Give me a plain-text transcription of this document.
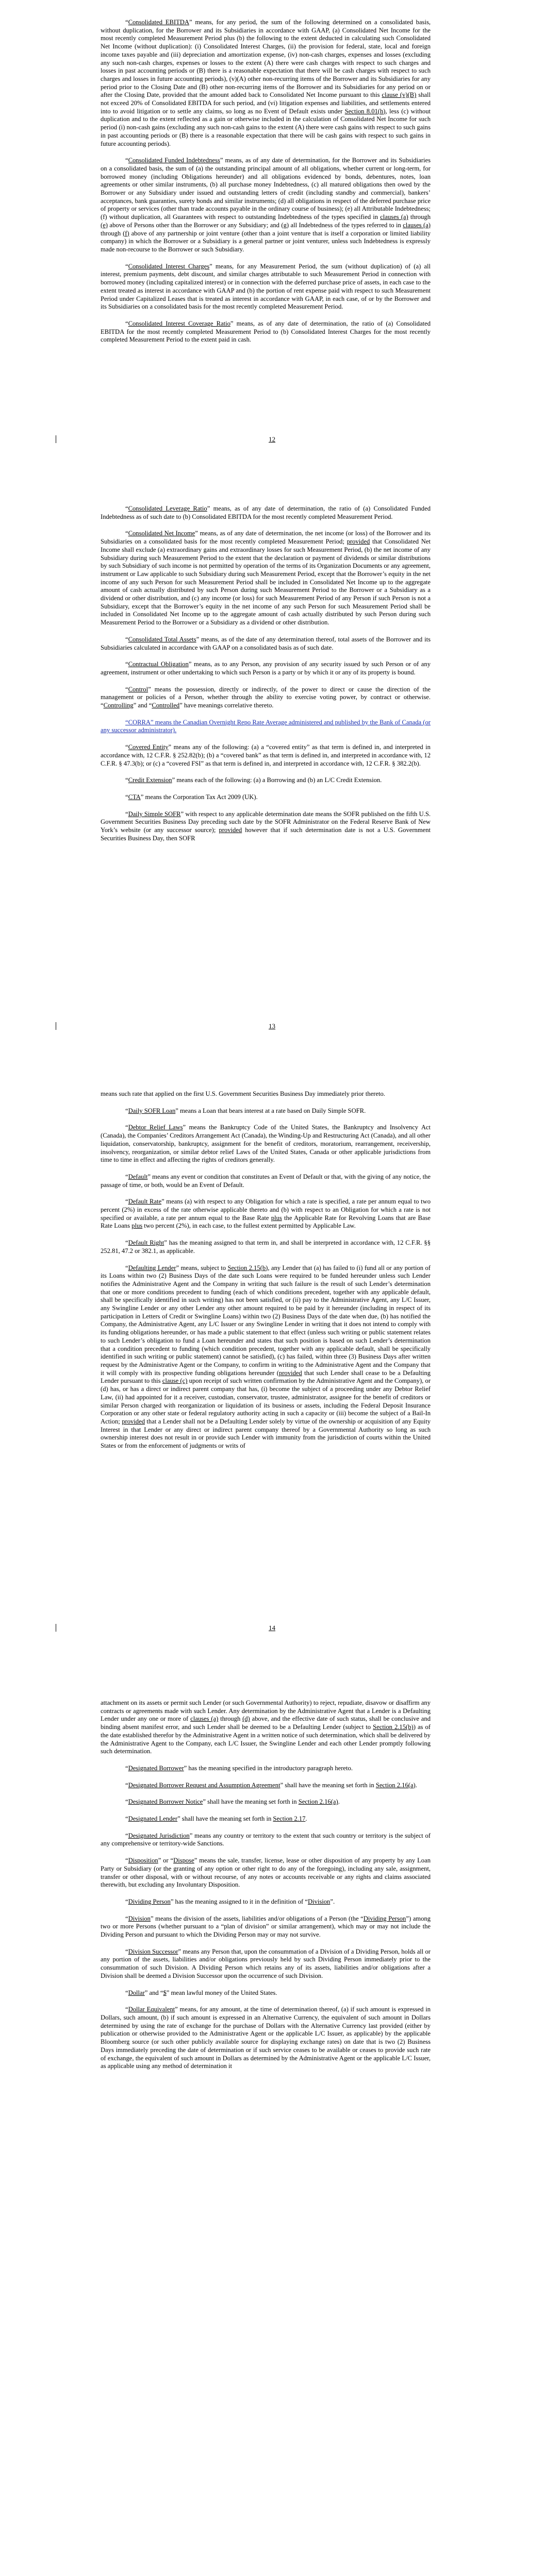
“Consolidated EBITDA” means, for any period, the sum of the following determined on a consolidated basis, without duplication, for the Borrower and its Subsidiaries in accordance with GAAP, (a) Consolidated Net Income for the most recently completed Measurement Period plus (b) the following to the extent deducted in calculating such Consolidated Net Income (without duplication): (i) Consolidated Interest Charges, (ii) the provision for federal, state, local and foreign income taxes payable and (iii) depreciation and amortization expense, (iv) non-cash charges, expenses and losses (excluding any such non-cash charges, expenses or losses to the extent (A) there were cash charges with respect to such charges and losses in past accounting periods or (B) there is a reasonable expectation that there will be cash charges with respect to such charges and losses in future accounting periods), (v)(A) other non-recurring items of the Borrower and its Subsidiaries for any period prior to the Closing Date and (B) other non-recurring items of the Borrower and its Subsidiaries for any period on or after the Closing Date, provided that the amount added back to Consolidated Net Income pursuant to this clause (v)(B) shall not exceed 20% of Consolidated EBITDA for such period, and (vi) litigation expenses and liabilities, and settlements entered into to avoid litigation or to settle any claims, so long as no Event of Default exists under Section 8.01(h), less (c) without duplication and to the extent reflected as a gain or otherwise included in the calculation of Consolidated Net Income for such period (i) non-cash gains (excluding any such non-cash gains to the extent (A) there were cash gains with respect to such gains in past accounting periods or (B) there is a reasonable expectation that there will be cash gains with respect to such gains in future accounting periods).

“Consolidated Funded Indebtedness” means, as of any date of determination, for the Borrower and its Subsidiaries on a consolidated basis, the sum of (a) the outstanding principal amount of all obligations, whether current or long-term, for borrowed money (including Obligations hereunder) and all obligations evidenced by bonds, debentures, notes, loan agreements or other similar instruments, (b) all purchase money Indebtedness, (c) all matured obligations then owed by the Borrower or any Subsidiary under issued and outstanding letters of credit (including standby and commercial), bankers’ acceptances, bank guaranties, surety bonds and similar instruments; (d) all obligations in respect of the deferred purchase price of property or services (other than trade accounts payable in the ordinary course of business); (e) all Attributable Indebtedness; (f) without duplication, all Guarantees with respect to outstanding Indebtedness of the types specified in clauses (a) through (e) above of Persons other than the Borrower or any Subsidiary; and (g) all Indebtedness of the types referred to in clauses (a) through (f) above of any partnership or joint venture (other than a joint venture that is itself a corporation or limited liability company) in which the Borrower or a Subsidiary is a general partner or joint venturer, unless such Indebtedness is expressly made non-recourse to the Borrower or such Subsidiary.

“Consolidated Interest Charges” means, for any Measurement Period, the sum (without duplication) of (a) all interest, premium payments, debt discount, and similar charges attributable to such Measurement Period in connection with borrowed money (including capitalized interest) or in connection with the deferred purchase price of assets, in each case to the extent treated as interest in accordance with GAAP and (b) the portion of rent expense paid with respect to such Measurement Period under Capitalized Leases that is treated as interest in accordance with GAAP, in each case, of or by the Borrower and its Subsidiaries on a consolidated basis for the most recently completed Measurement Period.

“Consolidated Interest Coverage Ratio” means, as of any date of determination, the ratio of (a) Consolidated EBITDA for the most recently completed Measurement Period to (b) Consolidated Interest Charges for the most recently completed Measurement Period to the extent paid in cash.

12

“Consolidated Leverage Ratio” means, as of any date of determination, the ratio of (a) Consolidated Funded Indebtedness as of such date to (b) Consolidated EBITDA for the most recently completed Measurement Period.

“Consolidated Net Income” means, as of any date of determination, the net income (or loss) of the Borrower and its Subsidiaries on a consolidated basis for the most recently completed Measurement Period; provided that Consolidated Net Income shall exclude (a) extraordinary gains and extraordinary losses for such Measurement Period, (b) the net income of any Subsidiary during such Measurement Period to the extent that the declaration or payment of dividends or similar distributions by such Subsidiary of such income is not permitted by operation of the terms of its Organization Documents or any agreement, instrument or Law applicable to such Subsidiary during such Measurement Period, except that the Borrower’s equity in the net income of any such Person for such Measurement Period shall be included in Consolidated Net Income up to the aggregate amount of cash actually distributed by such Person during such Measurement Period to the Borrower or a Subsidiary as a dividend or other distribution, and (c) any income (or loss) for such Measurement Period of any Person if such Person is not a Subsidiary, except that the Borrower’s equity in the net income of any such Person for such Measurement Period shall be included in Consolidated Net Income up to the aggregate amount of cash actually distributed by such Person during such Measurement Period to the Borrower or a Subsidiary as a dividend or other distribution.

“Consolidated Total Assets” means, as of the date of any determination thereof, total assets of the Borrower and its Subsidiaries calculated in accordance with GAAP on a consolidated basis as of such date.

“Contractual Obligation” means, as to any Person, any provision of any security issued by such Person or of any agreement, instrument or other undertaking to which such Person is a party or by which it or any of its property is bound.

“Control” means the possession, directly or indirectly, of the power to direct or cause the direction of the management or policies of a Person, whether through the ability to exercise voting power, by contract or otherwise. “Controlling” and “Controlled” have meanings correlative thereto.

“CORRA” means the Canadian Overnight Repo Rate Average administered and published by the Bank of Canada (or any successor administrator).

“Covered Entity” means any of the following: (a) a “covered entity” as that term is defined in, and interpreted in accordance with, 12 C.F.R. § 252.82(b); (b) a “covered bank” as that term is defined in, and interpreted in accordance with, 12 C.F.R. § 47.3(b); or (c) a “covered FSI” as that term is defined in, and interpreted in accordance with, 12 C.F.R. § 382.2(b).

“Credit Extension” means each of the following: (a) a Borrowing and (b) an L/C Credit Extension.

“CTA” means the Corporation Tax Act 2009 (UK).

“Daily Simple SOFR” with respect to any applicable determination date means the SOFR published on the fifth U.S. Government Securities Business Day preceding such date by the SOFR Administrator on the Federal Reserve Bank of New York’s website (or any successor source); provided however that if such determination date is not a U.S. Government Securities Business Day, then SOFR

13

means such rate that applied on the first U.S. Government Securities Business Day immediately prior thereto.

“Daily SOFR Loan” means a Loan that bears interest at a rate based on Daily Simple SOFR.

“Debtor Relief Laws” means the Bankruptcy Code of the United States, the Bankruptcy and Insolvency Act (Canada), the Companies’ Creditors Arrangement Act (Canada), the Winding-Up and Restructuring Act (Canada), and all other liquidation, conservatorship, bankruptcy, assignment for the benefit of creditors, moratorium, rearrangement, receivership, insolvency, reorganization, or similar debtor relief Laws of the United States, Canada or other applicable jurisdictions from time to time in effect and affecting the rights of creditors generally.

“Default” means any event or condition that constitutes an Event of Default or that, with the giving of any notice, the passage of time, or both, would be an Event of Default.

“Default Rate” means (a) with respect to any Obligation for which a rate is specified, a rate per annum equal to two percent (2%) in excess of the rate otherwise applicable thereto and (b) with respect to an Obligation for which a rate is not specified or available, a rate per annum equal to the Base Rate plus the Applicable Rate for Revolving Loans that are Base Rate Loans plus two percent (2%), in each case, to the fullest extent permitted by Applicable Law.

“Default Right” has the meaning assigned to that term in, and shall be interpreted in accordance with, 12 C.F.R. §§ 252.81, 47.2 or 382.1, as applicable.

“Defaulting Lender” means, subject to Section 2.15(b), any Lender that (a) has failed to (i) fund all or any portion of its Loans within two (2) Business Days of the date such Loans were required to be funded hereunder unless such Lender notifies the Administrative Agent and the Company in writing that such failure is the result of such Lender’s determination that one or more conditions precedent to funding (each of which conditions precedent, together with any applicable default, shall be specifically identified in such writing) has not been satisfied, or (ii) pay to the Administrative Agent, any L/C Issuer, any Swingline Lender or any other Lender any other amount required to be paid by it hereunder (including in respect of its participation in Letters of Credit or Swingline Loans) within two (2) Business Days of the date when due, (b) has notified the Company, the Administrative Agent, any L/C Issuer or any Swingline Lender in writing that it does not intend to comply with its funding obligations hereunder, or has made a public statement to that effect (unless such writing or public statement relates to such Lender’s obligation to fund a Loan hereunder and states that such position is based on such Lender’s determination that a condition precedent to funding (which condition precedent, together with any applicable default, shall be specifically identified in such writing or public statement) cannot be satisfied), (c) has failed, within three (3) Business Days after written request by the Administrative Agent or the Company, to confirm in writing to the Administrative Agent and the Company that it will comply with its prospective funding obligations hereunder (provided that such Lender shall cease to be a Defaulting Lender pursuant to this clause (c) upon receipt of such written confirmation by the Administrative Agent and the Company), or (d) has, or has a direct or indirect parent company that has, (i) become the subject of a proceeding under any Debtor Relief Law, (ii) had appointed for it a receiver, custodian, conservator, trustee, administrator, assignee for the benefit of creditors or similar Person charged with reorganization or liquidation of its business or assets, including the Federal Deposit Insurance Corporation or any other state or federal regulatory authority acting in such a capacity or (iii) become the subject of a Bail-In Action; provided that a Lender shall not be a Defaulting Lender solely by virtue of the ownership or acquisition of any Equity Interest in that Lender or any direct or indirect parent company thereof by a Governmental Authority so long as such ownership interest does not result in or provide such Lender with immunity from the jurisdiction of courts within the United States or from the enforcement of judgments or writs of

14

attachment on its assets or permit such Lender (or such Governmental Authority) to reject, repudiate, disavow or disaffirm any contracts or agreements made with such Lender. Any determination by the Administrative Agent that a Lender is a Defaulting Lender under any one or more of clauses (a) through (d) above, and the effective date of such status, shall be conclusive and binding absent manifest error, and such Lender shall be deemed to be a Defaulting Lender (subject to Section 2.15(b)) as of the date established therefor by the Administrative Agent in a written notice of such determination, which shall be delivered by the Administrative Agent to the Company, each L/C Issuer, the Swingline Lender and each other Lender promptly following such determination.

“Designated Borrower” has the meaning specified in the introductory paragraph hereto.

“Designated Borrower Request and Assumption Agreement” shall have the meaning set forth in Section 2.16(a).

“Designated Borrower Notice” shall have the meaning set forth in Section 2.16(a).

“Designated Lender” shall have the meaning set forth in Section 2.17.

“Designated Jurisdiction” means any country or territory to the extent that such country or territory is the subject of any comprehensive or territory-wide Sanctions.

“Disposition” or “Dispose” means the sale, transfer, license, lease or other disposition of any property by any Loan Party or Subsidiary (or the granting of any option or other right to do any of the foregoing), including any sale, assignment, transfer or other disposal, with or without recourse, of any notes or accounts receivable or any rights and claims associated therewith, but excluding any Involuntary Disposition.

“Dividing Person” has the meaning assigned to it in the definition of “Division”.

“Division” means the division of the assets, liabilities and/or obligations of a Person (the “Dividing Person”) among two or more Persons (whether pursuant to a “plan of division” or similar arrangement), which may or may not include the Dividing Person and pursuant to which the Dividing Person may or may not survive.

“Division Successor” means any Person that, upon the consummation of a Division of a Dividing Person, holds all or any portion of the assets, liabilities and/or obligations previously held by such Dividing Person immediately prior to the consummation of such Division. A Dividing Person which retains any of its assets, liabilities and/or obligations after a Division shall be deemed a Division Successor upon the occurrence of such Division.

“Dollar” and “$” mean lawful money of the United States.

“Dollar Equivalent” means, for any amount, at the time of determination thereof, (a) if such amount is expressed in Dollars, such amount, (b) if such amount is expressed in an Alternative Currency, the equivalent of such amount in Dollars determined by using the rate of exchange for the purchase of Dollars with the Alternative Currency last provided (either by publication or otherwise provided to the Administrative Agent or the applicable L/C Issuer, as applicable) by the applicable Bloomberg source (or such other publicly available source for displaying exchange rates) on date that is two (2) Business Days immediately preceding the date of determination or if such service ceases to be available or ceases to provide such rate of exchange, the equivalent of such amount in Dollars as determined by the Administrative Agent or the applicable L/C Issuer, as applicable using any method of determination it
